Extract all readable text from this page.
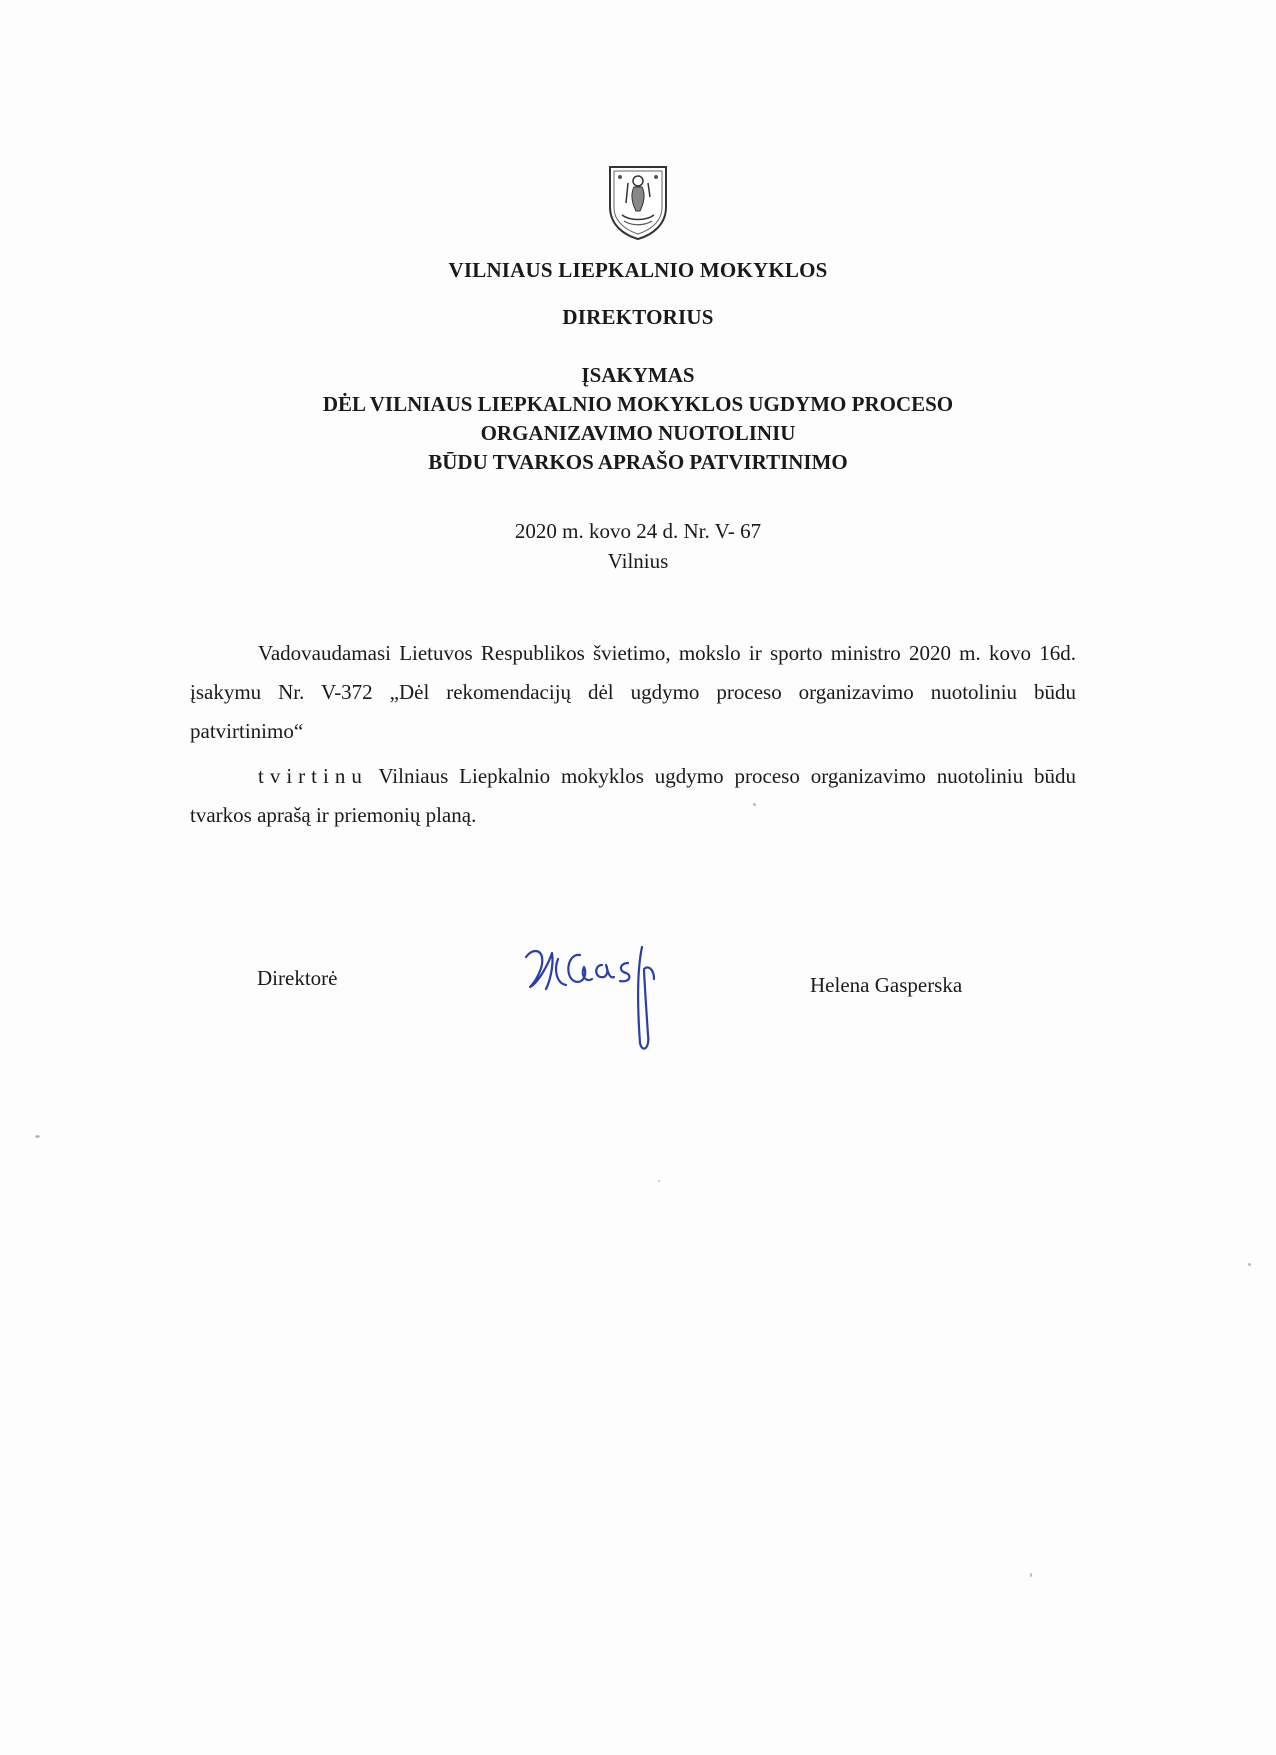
VILNIAUS LIEPKALNIO MOKYKLOS
DIREKTORIUS
ĮSAKYMAS
DĖL VILNIAUS LIEPKALNIO MOKYKLOS UGDYMO PROCESO
ORGANIZAVIMO NUOTOLINIU
BŪDU TVARKOS APRAŠO PATVIRTINIMO
2020 m. kovo 24 d. Nr. V- 67
Vilnius
Vadovaudamasi Lietuvos Respublikos švietimo, mokslo ir sporto ministro 2020 m. kovo 16d. įsakymu Nr. V-372 „Dėl rekomendacijų dėl ugdymo proceso organizavimo nuotoliniu būdu patvirtinimo“
tvirtinu Vilniaus Liepkalnio mokyklos ugdymo proceso organizavimo nuotoliniu būdu tvarkos aprašą ir priemonių planą.
Direktorė	Helena Gasperska
